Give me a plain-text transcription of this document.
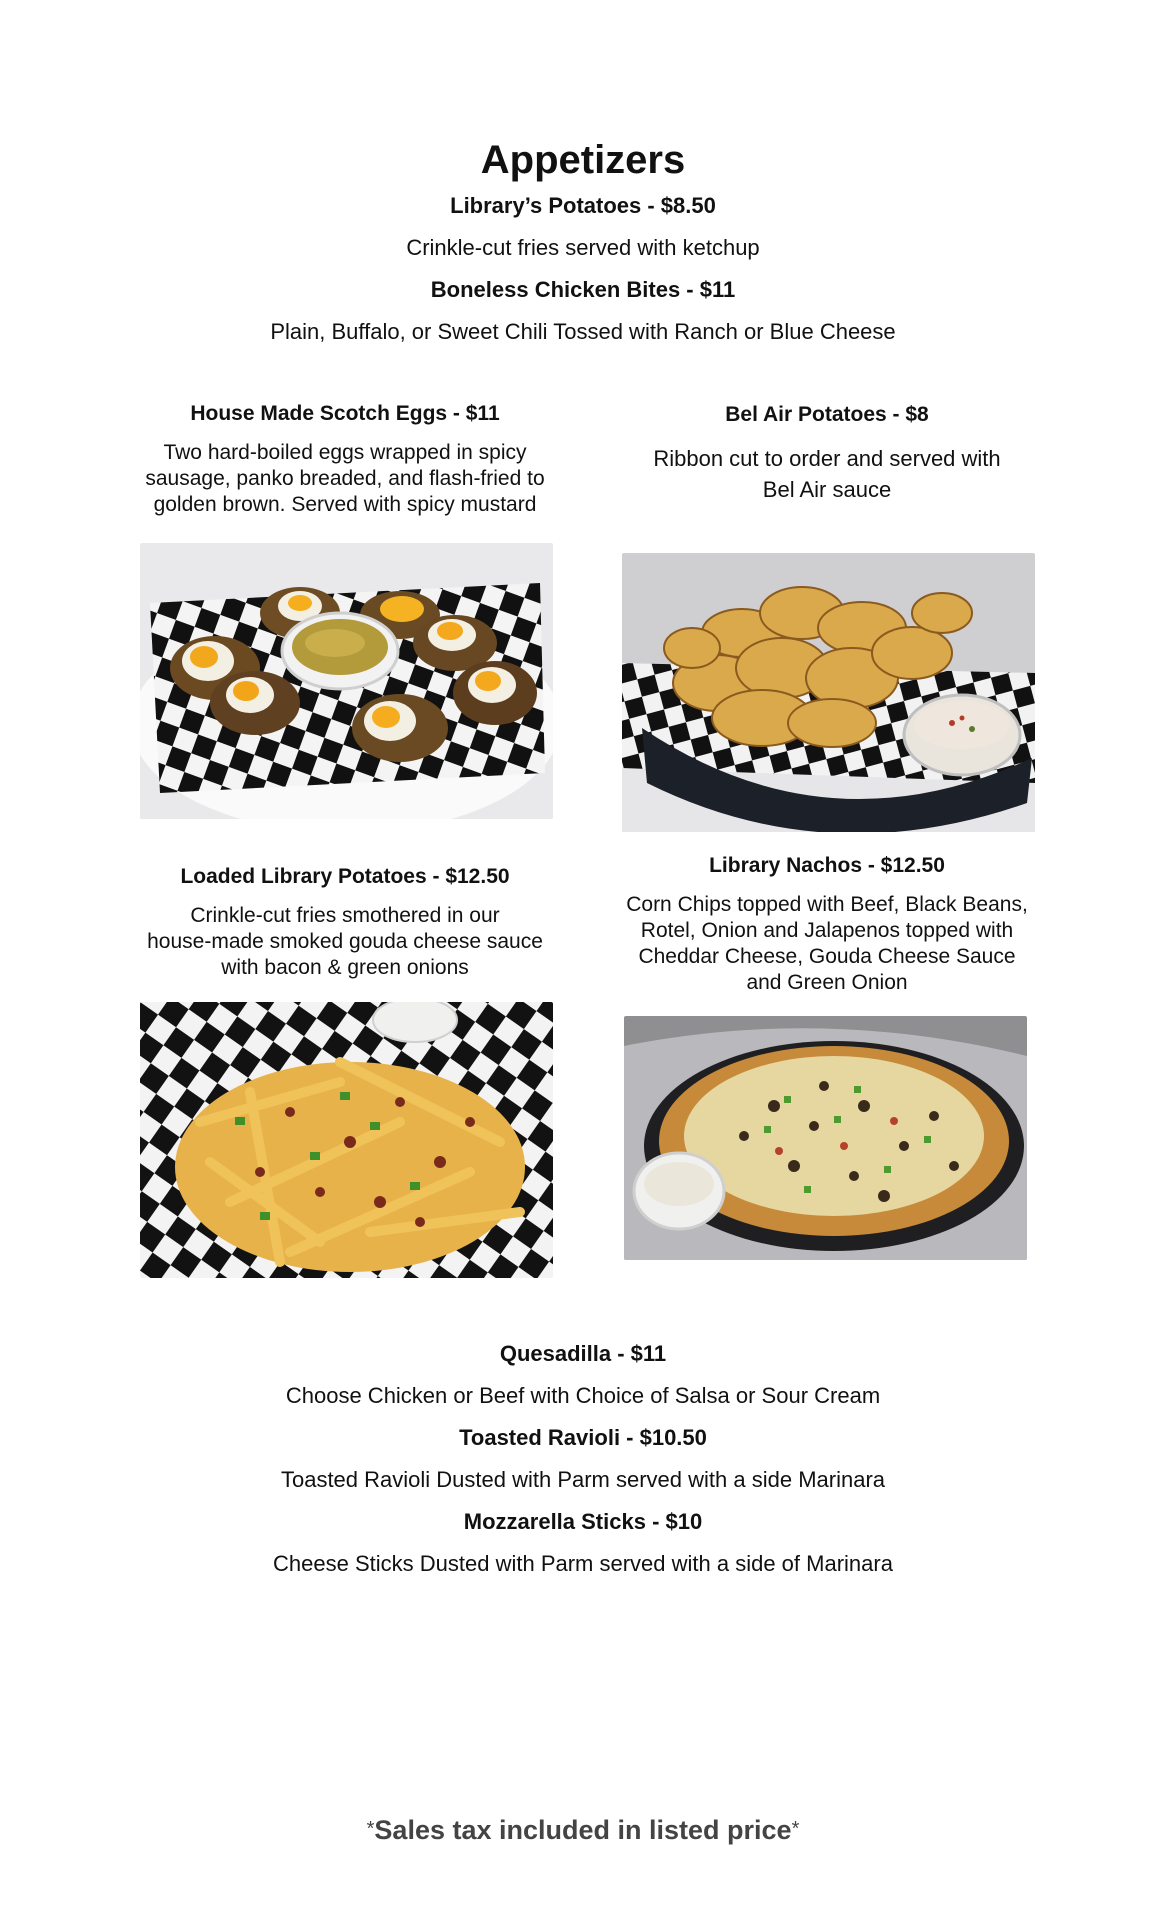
Appetizers
Library’s Potatoes - $8.50
Crinkle-cut fries served with ketchup
Boneless Chicken Bites - $11
Plain, Buffalo, or Sweet Chili Tossed with Ranch or Blue Cheese
House Made Scotch Eggs - $11
Two hard-boiled eggs wrapped in spicy
sausage, panko breaded, and flash-fried to
golden brown. Served with spicy mustard
Bel Air Potatoes - $8
Ribbon cut to order and served with
Bel Air sauce
Loaded Library Potatoes - $12.50
Crinkle-cut fries smothered in our
house-made smoked gouda cheese sauce
with bacon & green onions
Library Nachos - $12.50
Corn Chips topped with Beef, Black Beans,
Rotel, Onion and Jalapenos topped with
Cheddar Cheese, Gouda Cheese Sauce
and Green Onion
Quesadilla - $11
Choose Chicken or Beef with Choice of Salsa or Sour Cream
Toasted Ravioli - $10.50
Toasted Ravioli Dusted with Parm served with a side Marinara
Mozzarella Sticks - $10
Cheese Sticks Dusted with Parm served with a side of Marinara
*Sales tax included in listed price*
